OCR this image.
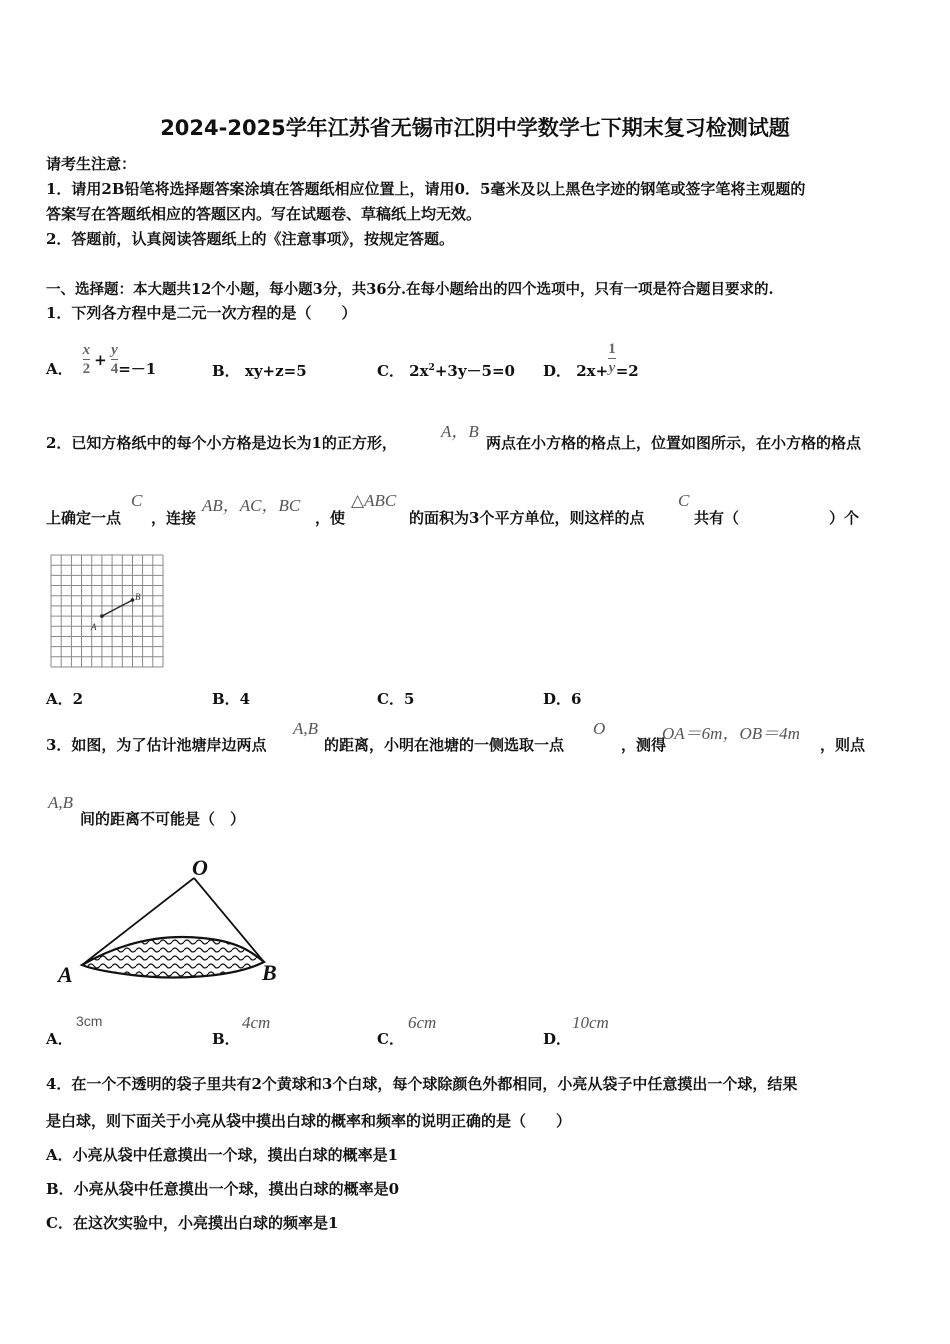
2024-2025学年江苏省无锡市江阴中学数学七下期末复习检测试题
请考生注意：
1．请用2B铅笔将选择题答案涂填在答题纸相应位置上，请用0．5毫米及以上黑色字迹的钢笔或签字笔将主观题的
答案写在答题纸相应的答题区内。写在试题卷、草稿纸上均无效。
2．答题前，认真阅读答题纸上的《注意事项》，按规定答题。
一、选择题：本大题共12个小题，每小题3分，共36分.在每小题给出的四个选项中，只有一项是符合题目要求的.
1．下列各方程中是二元一次方程的是（　　）
A． $\frac{x}{2} + \frac{y}{4} =-1$	B． xy+z=5	C． $2x^2+3y-5=0$ D． $2x+ \frac{1}{y} =2$
2．已知方格纸中的每个小方格是边长为1的正方形，
A，B
两点在小方格的格点上，位置如图所示，在小方格的格点
上确定一点
C
，连接
AB，AC，BC
，使
△ABC
的面积为3个平方单位，则这样的点
C
共有（　　　　　　）个
A
B
A．2	B．4	C．5	D．6
3．如图，为了估计池塘岸边两点
A,B
的距离，小明在池塘的一侧选取一点
O
，测得
OA＝6m，OB＝4m
，则点
A,B
间的距离不可能是（　）
O
A	B
A．
3cm
B．
4cm
C．
6cm
D．
10cm
4．在一个不透明的袋子里共有2个黄球和3个白球，每个球除颜色外都相同，小亮从袋子中任意摸出一个球，结果
是白球，则下面关于小亮从袋中摸出白球的概率和频率的说明正确的是（　　）
A．小亮从袋中任意摸出一个球，摸出白球的概率是1
B．小亮从袋中任意摸出一个球，摸出白球的概率是0
C．在这次实验中，小亮摸出白球的频率是1
